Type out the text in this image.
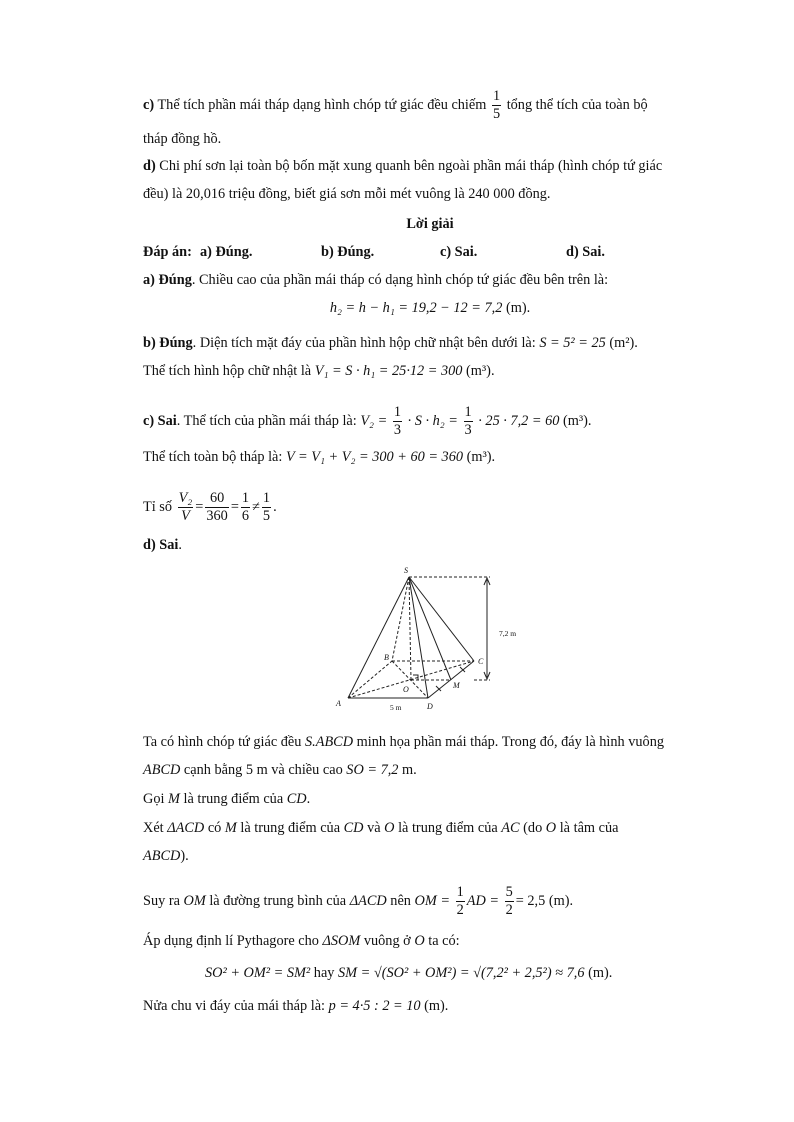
c) Thể tích phần mái tháp dạng hình chóp tứ giác đều chiếm $\frac{1}{5}$ tổng thể tích của toàn bộ
tháp đồng hồ.
d) Chi phí sơn lại toàn bộ bốn mặt xung quanh bên ngoài phần mái tháp (hình chóp tứ giác
đều) là 20,016 triệu đồng, biết giá sơn mỗi mét vuông là 240 000 đồng.
Lời giải
Đáp án: a) Đúng.	b) Đúng.	c) Sai.	d) Sai.
a) Đúng. Chiều cao của phần mái tháp có dạng hình chóp tứ giác đều bên trên là:
h₂ = h − h₁ = 19,2 − 12 = 7,2 (m).
b) Đúng. Diện tích mặt đáy của phần hình hộp chữ nhật bên dưới là: S = 5² = 25 (m²).
Thể tích hình hộp chữ nhật là V₁ = S · h₁ = 25·12 = 300 (m³).
c) Sai. Thể tích của phần mái tháp là: $V_2 = \frac{1}{3} \cdot S \cdot h_2 = \frac{1}{3} \cdot 25 \cdot 7,2 = 60$ (m³).
Thể tích toàn bộ tháp là: V = V₁ + V₂ = 300 + 60 = 360 (m³).
Tỉ số $\frac{\text{V₂}}{V} = \frac{60}{360} = \frac{1}{6} \ne \frac{1}{5}$ .
d) Sai.
S
A
B	C
D
O	M
7,2 m
5 m
Ta có hình chóp tứ giác đều S.ABCD minh họa phần mái tháp. Trong đó, đáy là hình vuông
ABCD cạnh bằng 5 m và chiều cao SO = 7,2 m.
Gọi M là trung điểm của CD.
Xét ΔACD có M là trung điểm của CD và O là trung điểm của AC (do O là tâm của
ABCD).
Suy ra OM là đường trung bình của ΔACD nên OM = $\frac{1}{2}$ AD = $\frac{5}{2} = 2,5$ (m).
Áp dụng định lí Pythagore cho ΔSOM vuông ở O ta có:
SO² + OM² = SM² hay SM = √(SO² + OM²) = √(7,2² + 2,5²) ≈ 7,6 (m).
Nửa chu vi đáy của mái tháp là: p = 4·5 : 2 = 10 (m).
